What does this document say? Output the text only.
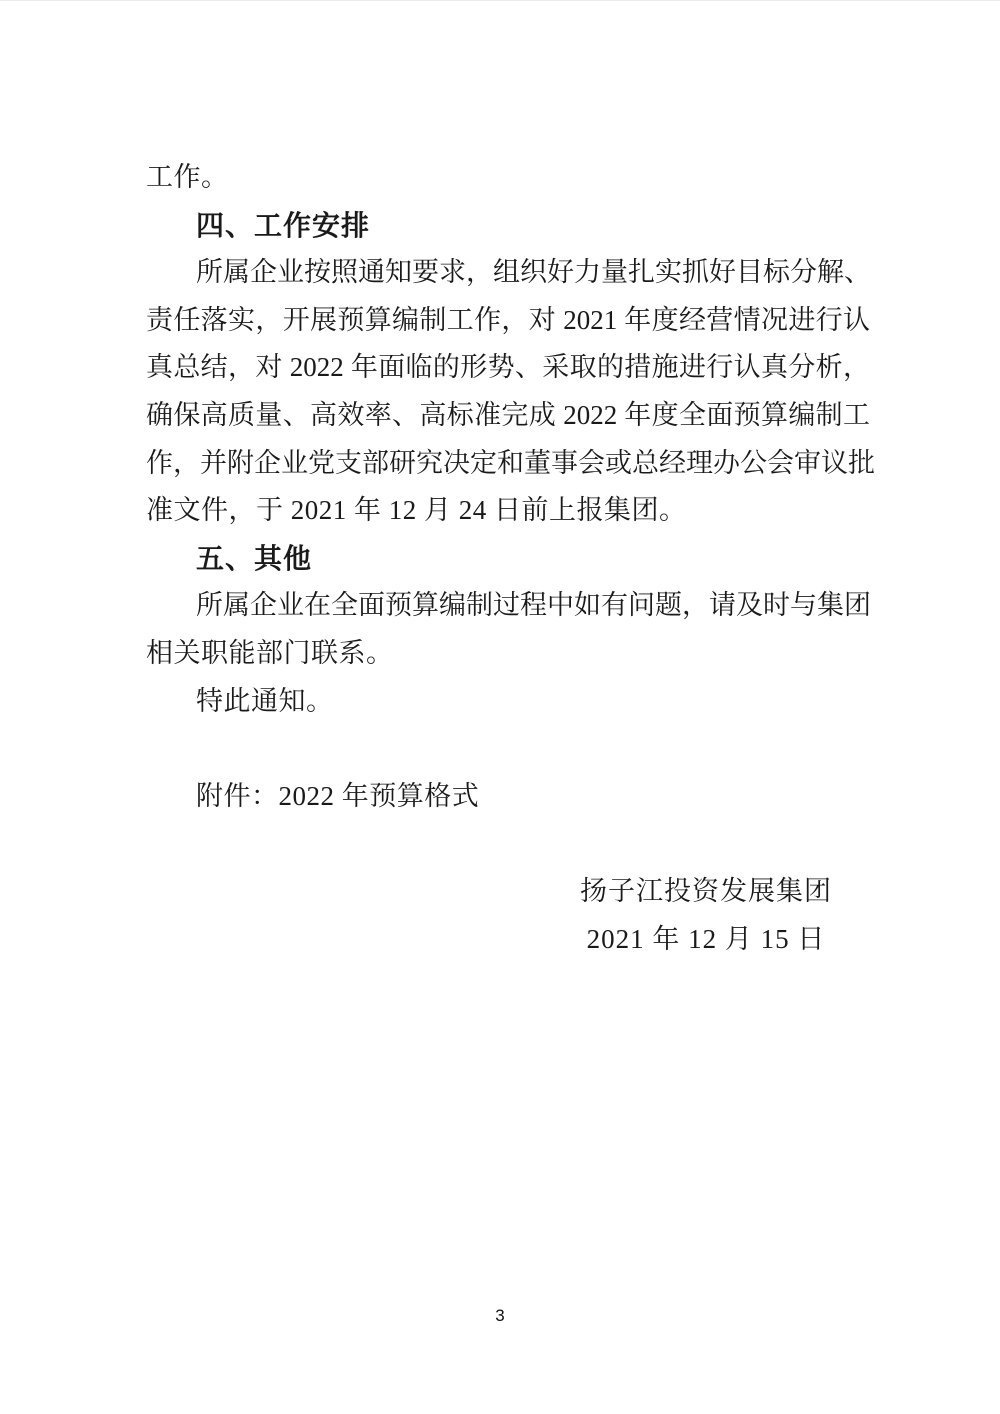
工作。
四、工作安排
所属企业按照通知要求，组织好力量扎实抓好目标分解、
责任落实，开展预算编制工作，对 2021 年度经营情况进行认
真总结，对 2022 年面临的形势、采取的措施进行认真分析，
确保高质量、高效率、高标准完成 2022 年度全面预算编制工
作，并附企业党支部研究决定和董事会或总经理办公会审议批
准文件，于 2021 年 12 月 24 日前上报集团。
五、其他
所属企业在全面预算编制过程中如有问题，请及时与集团
相关职能部门联系。
特此通知。
附件：2022 年预算格式
扬子江投资发展集团
2021 年 12 月 15 日
3
